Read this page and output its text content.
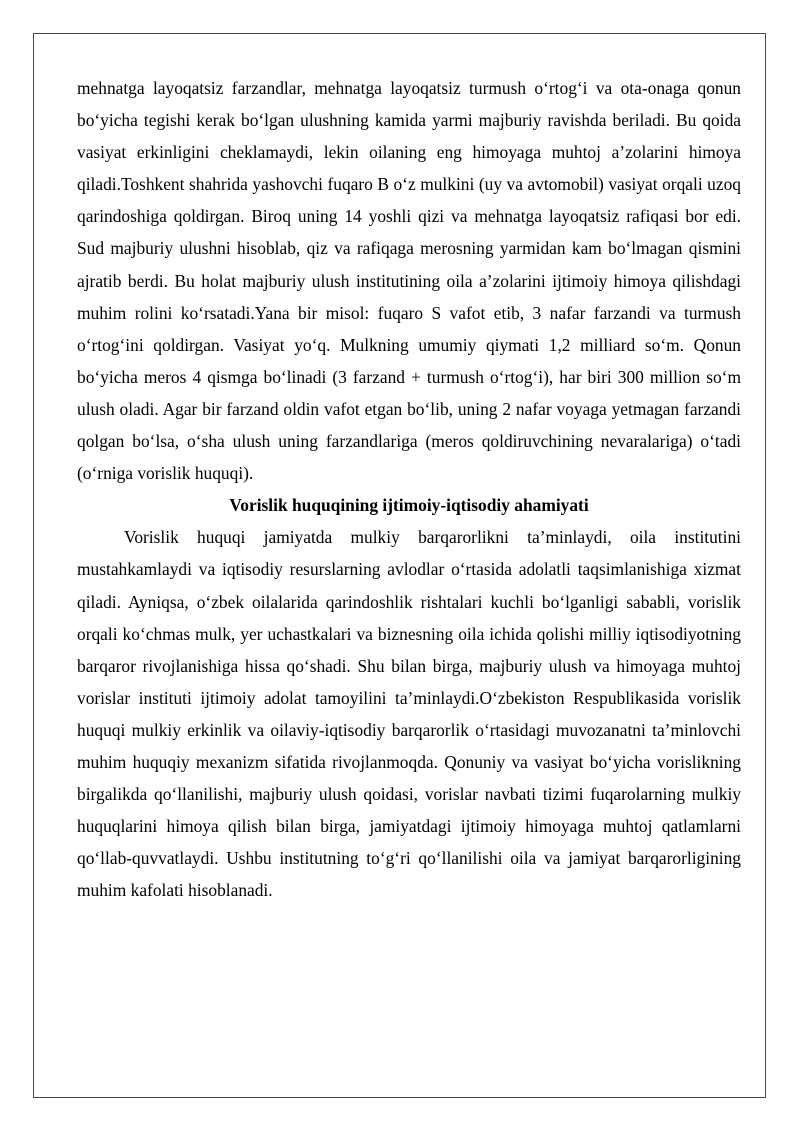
mehnatga layoqatsiz farzandlar, mehnatga layoqatsiz turmush o‘rtog‘i va ota-onaga qonun bo‘yicha tegishi kerak bo‘lgan ulushning kamida yarmi majburiy ravishda beriladi. Bu qoida vasiyat erkinligini cheklamaydi, lekin oilaning eng himoyaga muhtoj a’zolarini himoya qiladi.Toshkent shahrida yashovchi fuqaro B o‘z mulkini (uy va avtomobil) vasiyat orqali uzoq qarindoshiga qoldirgan. Biroq uning 14 yoshli qizi va mehnatga layoqatsiz rafiqasi bor edi. Sud majburiy ulushni hisoblab, qiz va rafiqaga merosning yarmidan kam bo‘lmagan qismini ajratib berdi. Bu holat majburiy ulush institutining oila a’zolarini ijtimoiy himoya qilishdagi muhim rolini ko‘rsatadi.Yana bir misol: fuqaro S vafot etib, 3 nafar farzandi va turmush o‘rtog‘ini qoldirgan. Vasiyat yo‘q. Mulkning umumiy qiymati 1,2 milliard so‘m. Qonun bo‘yicha meros 4 qismga bo‘linadi (3 farzand + turmush o‘rtog‘i), har biri 300 million so‘m ulush oladi. Agar bir farzand oldin vafot etgan bo‘lib, uning 2 nafar voyaga yetmagan farzandi qolgan bo‘lsa, o‘sha ulush uning farzandlariga (meros qoldiruvchining nevaralariga) o‘tadi (o‘rniga vorislik huquqi).

Vorislik huquqining ijtimoiy-iqtisodiy ahamiyati

Vorislik huquqi jamiyatda mulkiy barqarorlikni ta’minlaydi, oila institutini mustahkamlaydi va iqtisodiy resurslarning avlodlar o‘rtasida adolatli taqsimlanishiga xizmat qiladi. Ayniqsa, o‘zbek oilalarida qarindoshlik rishtalari kuchli bo‘lganligi sababli, vorislik orqali ko‘chmas mulk, yer uchastkalari va biznesning oila ichida qolishi milliy iqtisodiyotning barqaror rivojlanishiga hissa qo‘shadi. Shu bilan birga, majburiy ulush va himoyaga muhtoj vorislar instituti ijtimoiy adolat tamoyilini ta’minlaydi.O‘zbekiston Respublikasida vorislik huquqi mulkiy erkinlik va oilaviy-iqtisodiy barqarorlik o‘rtasidagi muvozanatni ta’minlovchi muhim huquqiy mexanizm sifatida rivojlanmoqda. Qonuniy va vasiyat bo‘yicha vorislikning birgalikda qo‘llanilishi, majburiy ulush qoidasi, vorislar navbati tizimi fuqarolarning mulkiy huquqlarini himoya qilish bilan birga, jamiyatdagi ijtimoiy himoyaga muhtoj qatlamlarni qo‘llab-quvvatlaydi. Ushbu institutning to‘g‘ri qo‘llanilishi oila va jamiyat barqarorligining muhim kafolati hisoblanadi.
